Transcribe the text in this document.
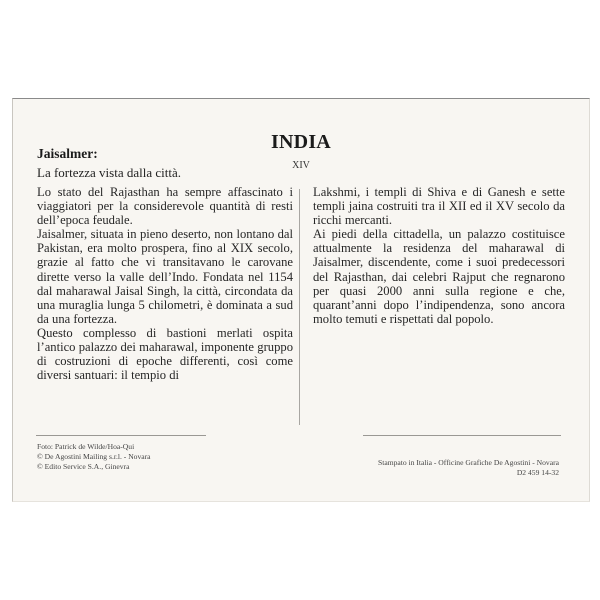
INDIA
XIV
Jaisalmer:
La fortezza vista dalla città.

Lo stato del Rajasthan ha sempre affascinato i viaggiatori per la considerevole quantità di resti dell’epoca feudale.

Jaisalmer, situata in pieno deserto, non lontano dal Pakistan, era molto prospera, fino al XIX secolo, grazie al fatto che vi transitavano le carovane dirette verso la valle dell’Indo. Fondata nel 1154 dal maharawal Jaisal Singh, la città, circondata da una muraglia lunga 5 chilometri, è dominata a sud da una fortezza.

Questo complesso di bastioni merlati ospita l’antico palazzo dei maharawal, imponente gruppo di costruzioni di epoche differenti, così come diversi santuari: il tempio di

Lakshmi, i templi di Shiva e di Ganesh e sette templi jaina costruiti tra il XII ed il XV secolo da ricchi mercanti.

Ai piedi della cittadella, un palazzo costituisce attualmente la residenza del maharawal di Jaisalmer, discendente, come i suoi predecessori del Rajasthan, dai celebri Rajput che regnarono per quasi 2000 anni sulla regione e che, quarant’anni dopo l’indipendenza, sono ancora molto temuti e rispettati dal popolo.

Foto: Patrick de Wilde/Hoa-Qui
© De Agostini Mailing s.r.l. - Novara
© Edito Service S.A., Ginevra	Stampato in Italia - Officine Grafiche De Agostini - Novara
D2 459 14-32
